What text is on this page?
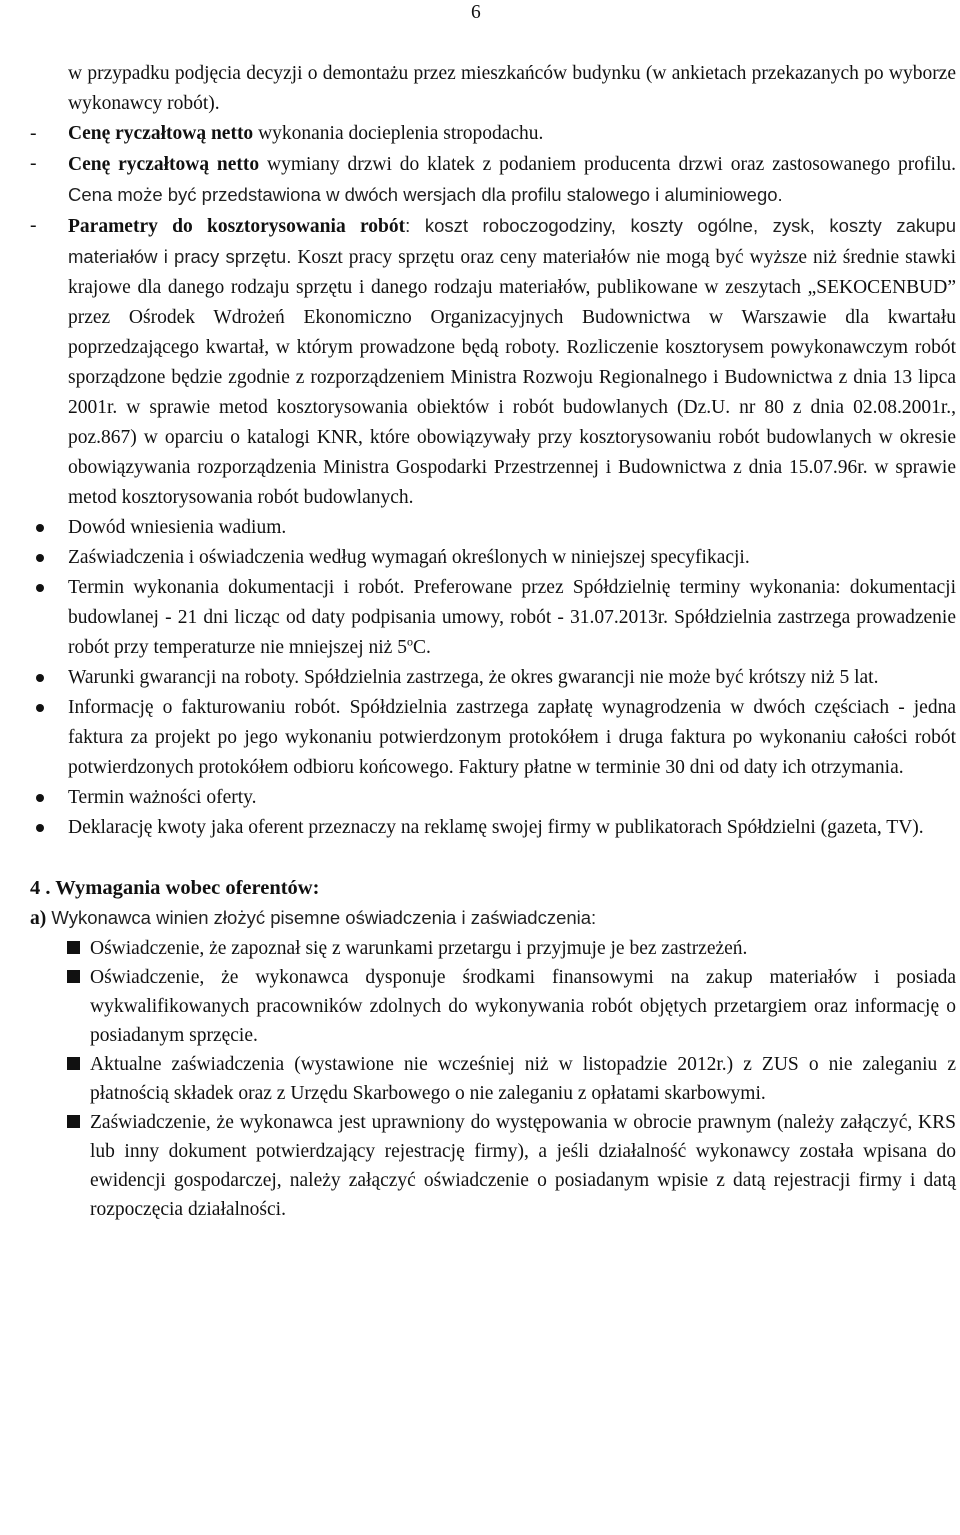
6

w przypadku podjęcia decyzji o demontażu przez mieszkańców budynku (w ankietach przekazanych po wyborze wykonawcy robót).

- Cenę ryczałtową netto wykonania docieplenia stropodachu.
- Cenę ryczałtową netto wymiany drzwi do klatek z podaniem producenta drzwi oraz zastosowanego profilu. Cena może być przedstawiona w dwóch wersjach dla profilu stalowego i aluminiowego.
- Parametry do kosztorysowania robót: koszt roboczogodziny, koszty ogólne, zysk, koszty zakupu materiałów i pracy sprzętu. Koszt pracy sprzętu oraz ceny materiałów nie mogą być wyższe niż średnie stawki krajowe dla danego rodzaju sprzętu i danego rodzaju materiałów, publikowane w zeszytach „SEKOCENBUD” przez Ośrodek Wdrożeń Ekonomiczno Organizacyjnych Budownictwa w Warszawie dla kwartału poprzedzającego kwartał, w którym prowadzone będą roboty. Rozliczenie kosztorysem powykonawczym robót sporządzone będzie zgodnie z rozporządzeniem Ministra Rozwoju Regionalnego i Budownictwa z dnia 13 lipca 2001r. w sprawie metod kosztorysowania obiektów i robót budowlanych (Dz.U. nr 80 z dnia 02.08.2001r., poz.867) w oparciu o katalogi KNR, które obowiązywały przy kosztorysowaniu robót budowlanych w okresie obowiązywania rozporządzenia Ministra Gospodarki Przestrzennej i Budownictwa z dnia 15.07.96r. w sprawie metod kosztorysowania robót budowlanych.
Dowód wniesienia wadium.
Zaświadczenia i oświadczenia według wymagań określonych w niniejszej specyfikacji.
Termin wykonania dokumentacji i robót. Preferowane przez Spółdzielnię terminy wykonania: dokumentacji budowlanej - 21 dni licząc od daty podpisania umowy, robót - 31.07.2013r. Spółdzielnia zastrzega prowadzenie robót przy temperaturze nie mniejszej niż 5$^o$C.
Warunki gwarancji na roboty. Spółdzielnia zastrzega, że okres gwarancji nie może być krótszy niż 5 lat.
Informację o fakturowaniu robót. Spółdzielnia zastrzega zapłatę wynagrodzenia w dwóch częściach - jedna faktura za projekt po jego wykonaniu potwierdzonym protokółem i druga faktura po wykonaniu całości robót potwierdzonych protokółem odbioru końcowego. Faktury płatne w terminie 30 dni od daty ich otrzymania.
Termin ważności oferty.
Deklarację kwoty jaka oferent przeznaczy na reklamę swojej firmy w publikatorach Spółdzielni (gazeta, TV).
4 . Wymagania wobec oferentów:
a) Wykonawca winien złożyć pisemne oświadczenia i zaświadczenia:
Oświadczenie, że zapoznał się z warunkami przetargu i przyjmuje je bez zastrzeżeń.
Oświadczenie, że wykonawca dysponuje środkami finansowymi na zakup materiałów i posiada wykwalifikowanych pracowników zdolnych do wykonywania robót objętych przetargiem oraz informację o posiadanym sprzęcie.
Aktualne zaświadczenia (wystawione nie wcześniej niż w listopadzie 2012r.) z ZUS o nie zaleganiu z płatnością składek oraz z Urzędu Skarbowego o nie zaleganiu z opłatami skarbowymi.
Zaświadczenie, że wykonawca jest uprawniony do występowania w obrocie prawnym (należy załączyć, KRS lub inny dokument potwierdzający rejestrację firmy), a jeśli działalność wykonawcy została wpisana do ewidencji gospodarczej, należy załączyć oświadczenie o posiadanym wpisie z datą rejestracji firmy i datą rozpoczęcia działalności.
